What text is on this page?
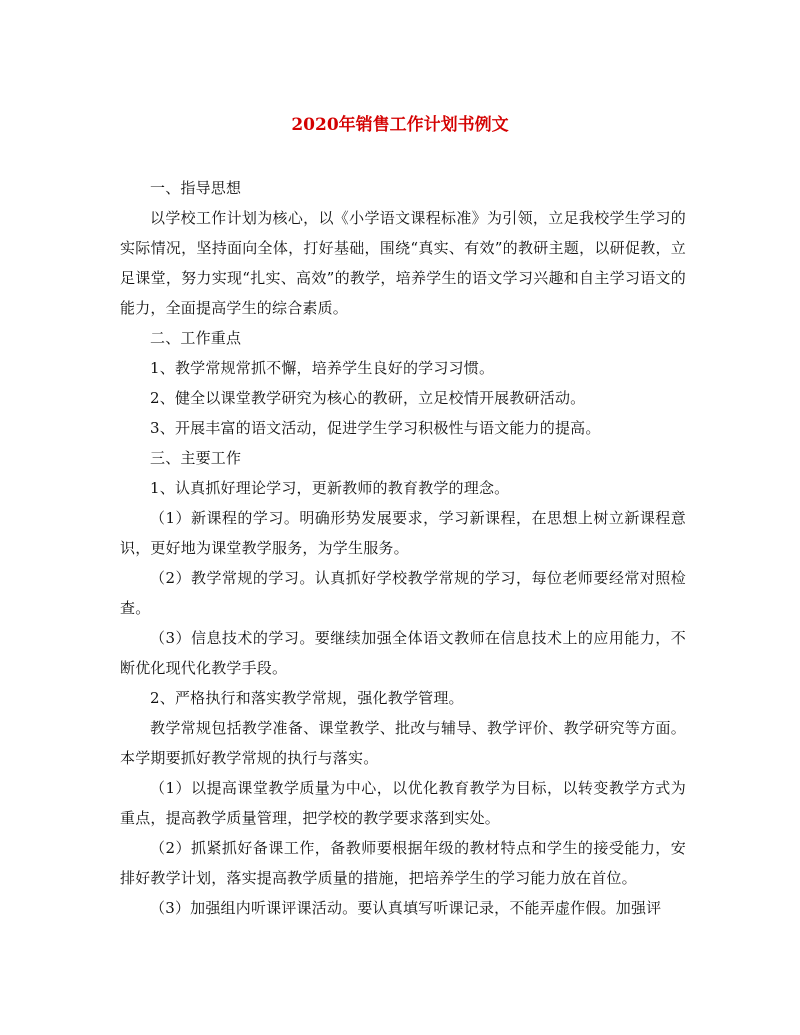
2020年销售工作计划书例文

一、指导思想

以学校工作计划为核心，以《小学语文课程标准》为引领，立足我校学生学习的实际情况，坚持面向全体，打好基础，围绕“真实、有效”的教研主题，以研促教，立足课堂，努力实现“扎实、高效”的教学，培养学生的语文学习兴趣和自主学习语文的能力，全面提高学生的综合素质。

二、工作重点

1、教学常规常抓不懈，培养学生良好的学习习惯。

2、健全以课堂教学研究为核心的教研，立足校情开展教研活动。

3、开展丰富的语文活动，促进学生学习积极性与语文能力的提高。

三、主要工作

1、认真抓好理论学习，更新教师的教育教学的理念。

（1）新课程的学习。明确形势发展要求，学习新课程，在思想上树立新课程意识，更好地为课堂教学服务，为学生服务。

（2）教学常规的学习。认真抓好学校教学常规的学习，每位老师要经常对照检查。

（3）信息技术的学习。要继续加强全体语文教师在信息技术上的应用能力，不断优化现代化教学手段。

2、严格执行和落实教学常规，强化教学管理。

教学常规包括教学准备、课堂教学、批改与辅导、教学评价、教学研究等方面。本学期要抓好教学常规的执行与落实。

（1）以提高课堂教学质量为中心，以优化教育教学为目标，以转变教学方式为重点，提高教学质量管理，把学校的教学要求落到实处。

（2）抓紧抓好备课工作，备教师要根据年级的教材特点和学生的接受能力，安排好教学计划，落实提高教学质量的措施，把培养学生的学习能力放在首位。

（3）加强组内听课评课活动。要认真填写听课记录，不能弄虚作假。加强评
